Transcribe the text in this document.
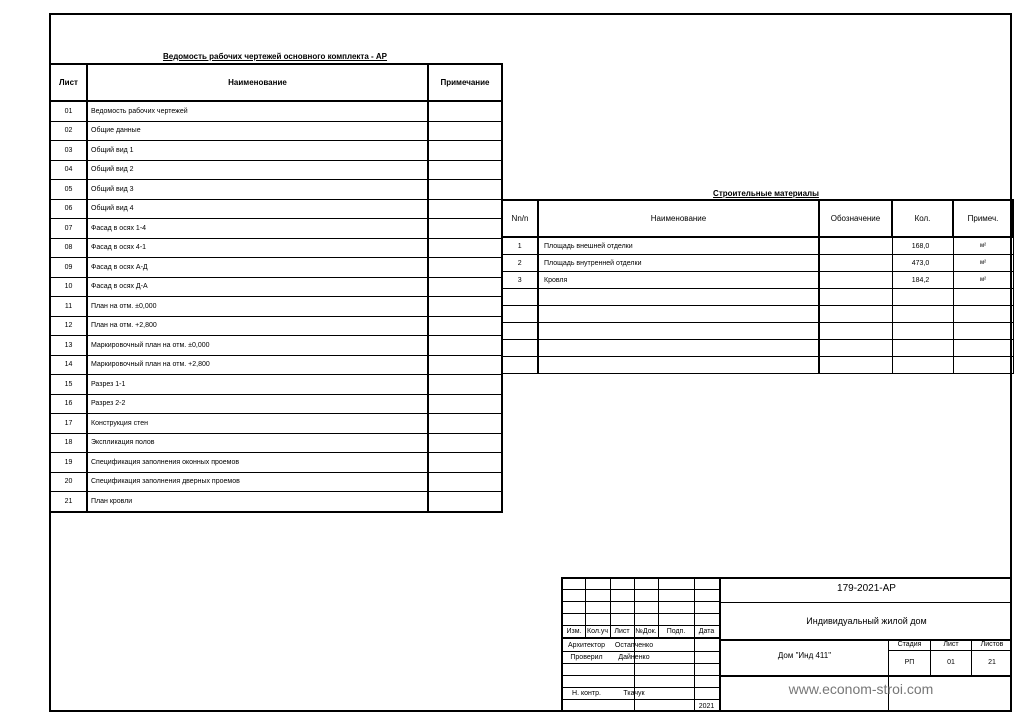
Ведомость рабочих чертежей основного комплекта - АР
Лист	Наименование	Примечание
01	Ведомость рабочих чертежей	
02	Общие данные	
03	Общий вид 1	
04	Общий вид 2	
05	Общий вид 3	
06	Общий вид 4	
07	Фасад в осях 1-4	
08	Фасад в осях 4-1	
09	Фасад в осях А-Д	
10	Фасад в осях Д-А	
11	План на отм. ±0,000	
12	План на отм. +2,800	
13	Маркировочный план на отм. ±0,000	
14	Маркировочный план на отм. +2,800	
15	Разрез 1-1	
16	Разрез 2-2	
17	Конструкция стен	
18	Экспликация полов	
19	Спецификация заполнения оконных проемов	
20	Спецификация заполнения дверных проемов	
21	План кровли	
Строительные материалы
Nn/n	Наименование	Обозначение	Кол.	Примеч.
1	Площадь внешней отделки		168,0	м²
2	Площадь внутренней отделки		473,0	м²
3	Кровля		184,2	м²

Изм. Кол.уч Лист №Док.	Подп.	Дата
Архитектор	Остапченко
Проверил	Дайненко
Н. контр.	Ткачук
2021
179-2021-АР
Индивидуальный жилой дом
Дом "Инд 411"
Стадия	Лист	Листов
РП	01	21
www.econom-stroi.com
